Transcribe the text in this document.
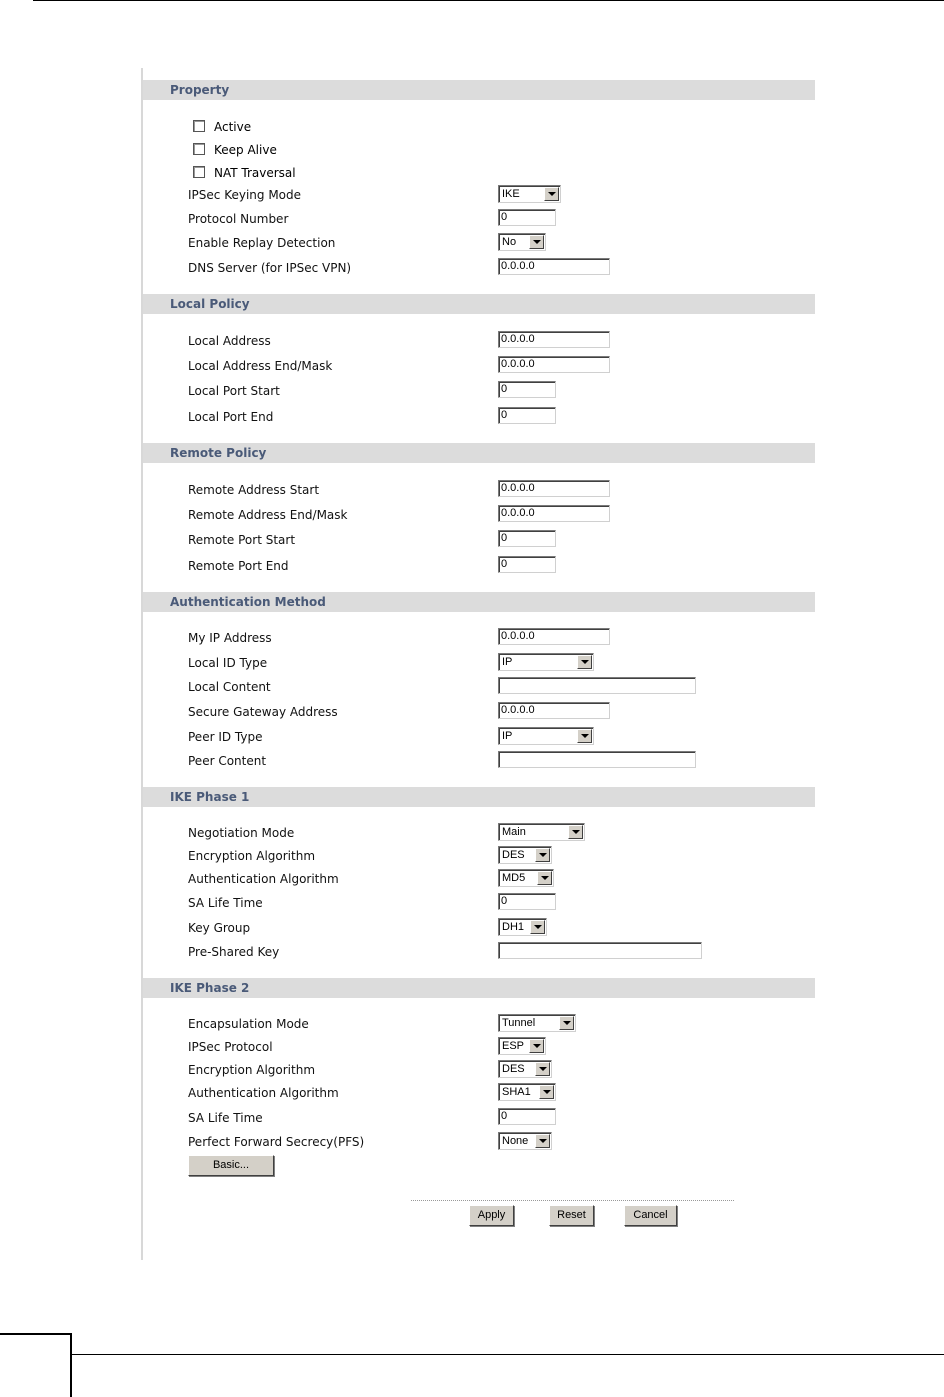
Property
Active
Keep Alive
NAT Traversal
IPSec Keying Mode	IKE
Protocol Number	0
Enable Replay Detection	No
DNS Server (for IPSec VPN)	0.0.0.0
Local Policy
Local Address	0.0.0.0
Local Address End/Mask	0.0.0.0
Local Port Start	0
Local Port End	0
Remote Policy
Remote Address Start	0.0.0.0
Remote Address End/Mask	0.0.0.0
Remote Port Start	0
Remote Port End	0
Authentication Method
My IP Address	0.0.0.0
Local ID Type	IP
Local Content
Secure Gateway Address	0.0.0.0
Peer ID Type	IP
Peer Content
IKE Phase 1
Negotiation Mode	Main
Encryption Algorithm	DES
Authentication Algorithm	MD5
SA Life Time	0
Key Group	DH1
Pre-Shared Key
IKE Phase 2
Encapsulation Mode	Tunnel
IPSec Protocol	ESP
Encryption Algorithm	DES
Authentication Algorithm	SHA1
SA Life Time	0
Perfect Forward Secrecy(PFS)	None
Basic...
Apply	Reset	Cancel
